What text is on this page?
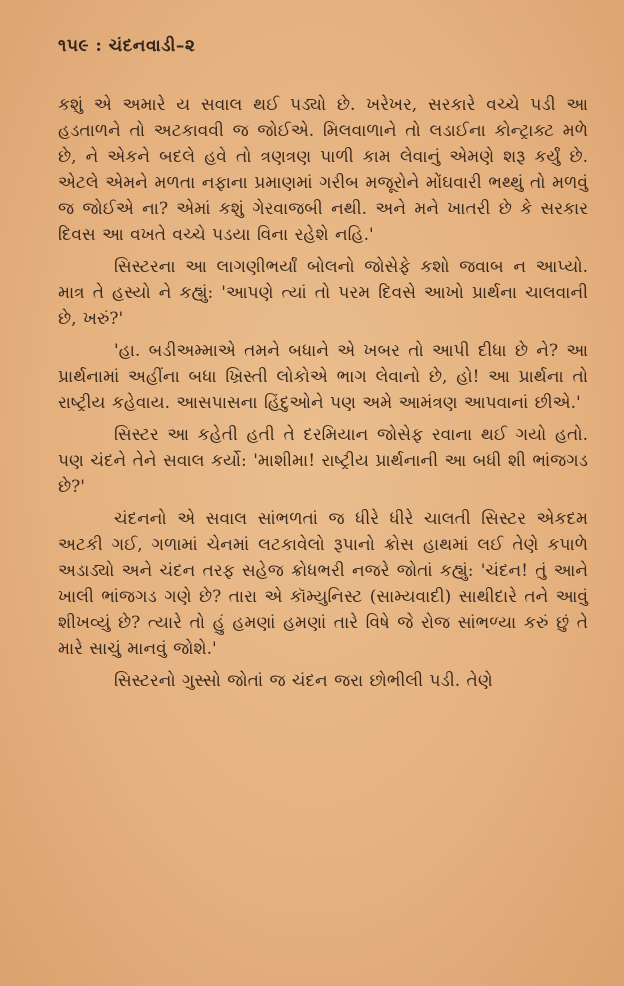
૧૫૯ : ચંદનવાડી–૨

કશું એ અમારે ય સવાલ થઈ પડ્યો છે. ખરેખર, સરકારે વચ્ચે પડી આ હડતાળને તો અટકાવવી જ જોઈએ. મિલવાળાને તો લડાઈના કોન્ટ્રાક્ટ મળે છે, ને એકને બદલે હવે તો ત્રણત્રણ પાળી કામ લેવાનું એમણે શરૂ કર્યું છે. એટલે એમને મળતા નફાના પ્રમાણમાં ગરીબ મજૂરોને મોંઘવારી ભથ્થું તો મળવું જ જોઈએ ના? એમાં કશું ગેરવાજબી નથી. અને મને ખાતરી છે કે સરકાર દિવસ આ વખતે વચ્ચે પડયા વિના રહેશે નહિ.'

સિસ્ટરના આ લાગણીભર્યાં બોલનો જોસેફે કશો જવાબ ન આપ્યો. માત્ર તે હસ્યો ને કહ્યું: 'આપણે ત્યાં તો પરમ દિવસે આખો પ્રાર્થના ચાલવાની છે, ખરું?'

'હા. બડીઅમ્માએ તમને બધાને એ ખબર તો આપી દીધા છે ને? આ પ્રાર્થનામાં અહીંના બધા ખ્રિસ્તી લોકોએ ભાગ લેવાનો છે, હો! આ પ્રાર્થના તો રાષ્ટ્રીય કહેવાય. આસપાસના હિંદુઓને પણ અમે આમંત્રણ આપવાનાં છીએ.'

સિસ્ટર આ કહેતી હતી તે દરમિયાન જોસેફ રવાના થઈ ગયો હતો. પણ ચંદને તેને સવાલ કર્યો: 'માશીમા! રાષ્ટ્રીય પ્રાર્થનાની આ બધી શી ભાંજગડ છે?'

ચંદનનો એ સવાલ સાંભળતાં જ ધીરે ધીરે ચાલતી સિસ્ટર એકદમ અટકી ગઈ, ગળામાં ચેનમાં લટકાવેલો રૂપાનો ક્રોસ હાથમાં લઈ તેણે કપાળે અડાડ્યો અને ચંદન તરફ સહેજ ક્રોધભરી નજરે જોતાં કહ્યું: 'ચંદન! તું આને ખાલી ભાંજગડ ગણે છે? તારા એ કૉમ્યુનિસ્ટ (સામ્યવાદી) સાથીદારે તને આવું શીખવ્યું છે? ત્યારે તો હું હમણાં હમણાં તારે વિષે જે રોજ સાંભળ્યા કરું છું તે મારે સાચું માનવું જોશે.'

સિસ્ટરનો ગુસ્સો જોતાં જ ચંદન જરા છોભીલી પડી. તેણે
